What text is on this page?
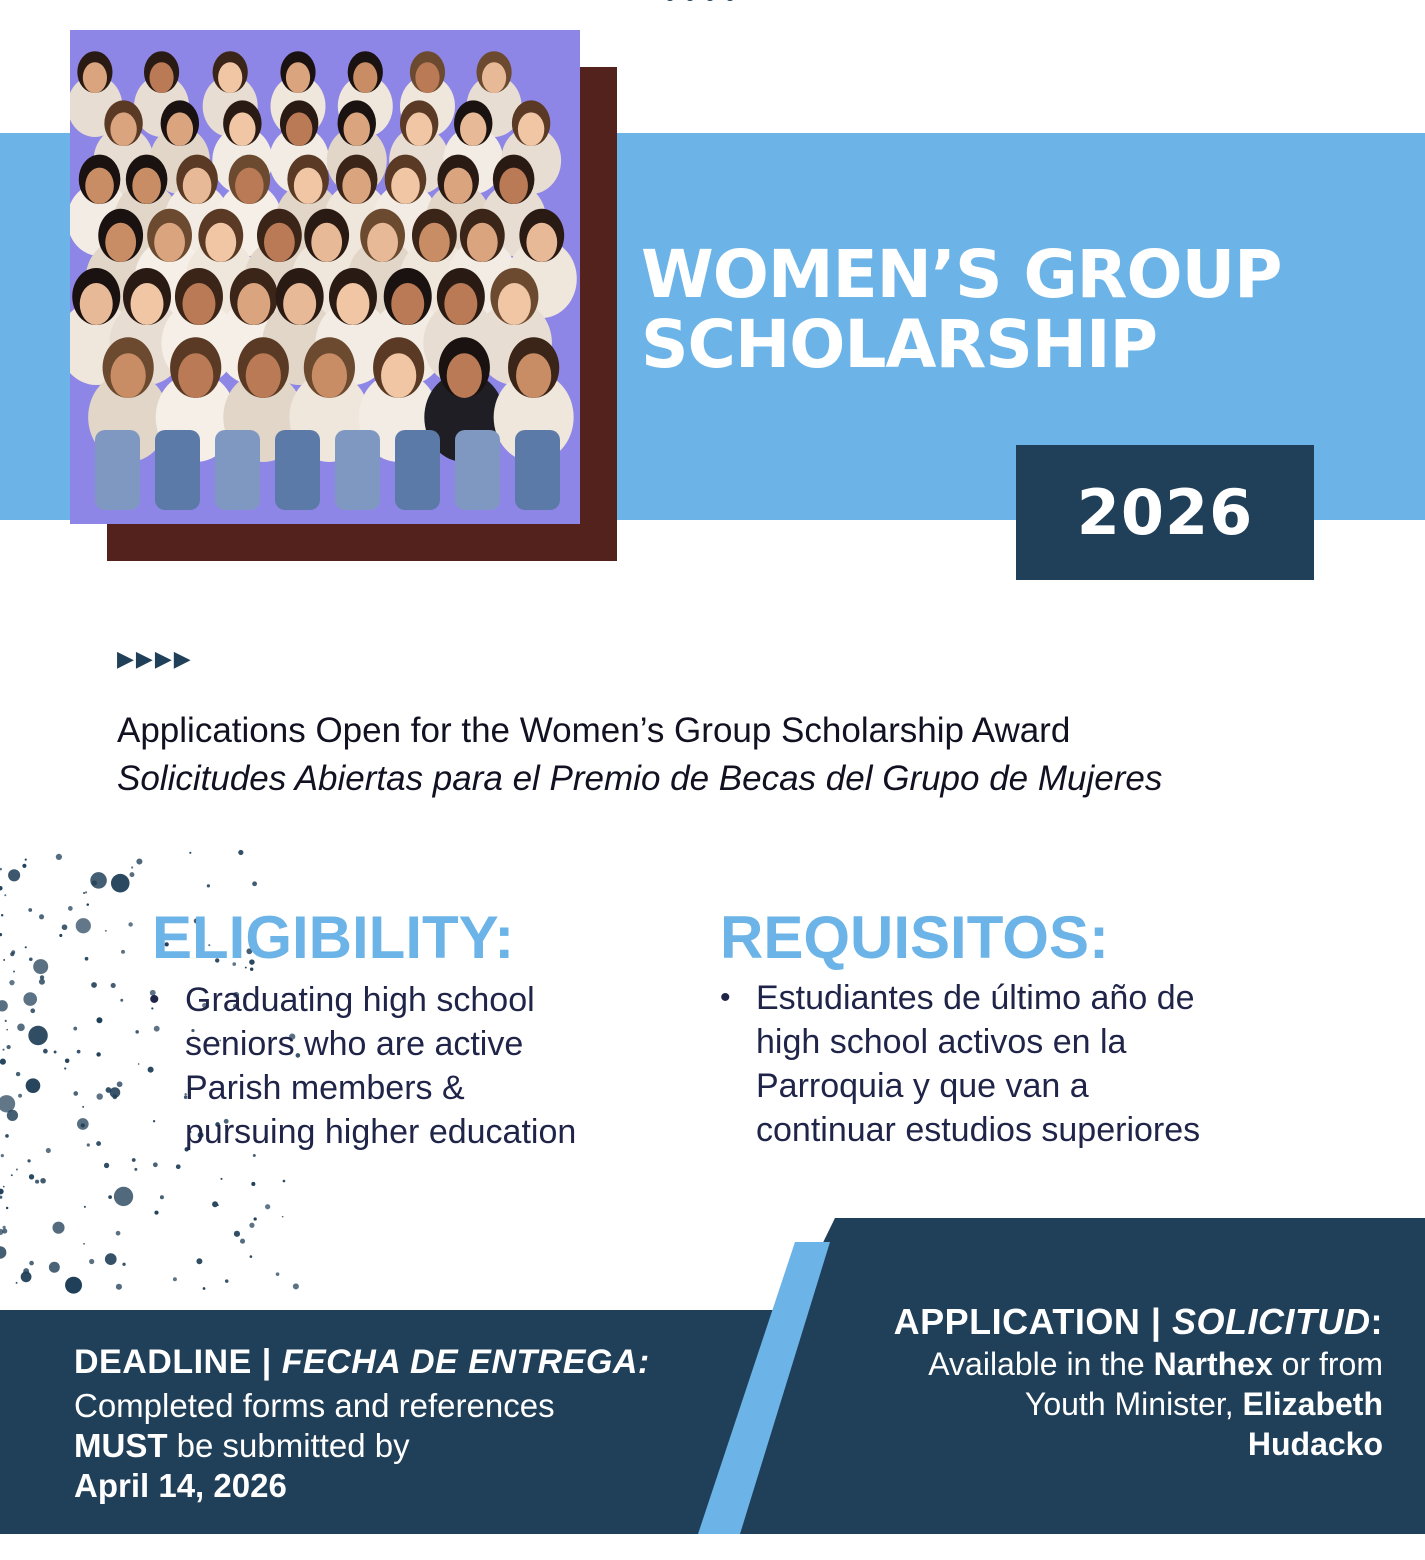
WOMEN’S GROUP
SCHOLARSHIP
2026
▶▶▶▶
Applications Open for the Women’s Group Scholarship Award
Solicitudes Abiertas para el Premio de Becas del Grupo de Mujeres
ELIGIBILITY:
• Graduating high school
seniors who are active
Parish members &
pursuing higher education
REQUISITOS:
• Estudiantes de último año de
high school activos en la
Parroquia y que van a
continuar estudios superiores
DEADLINE | FECHA DE ENTREGA:
Completed forms and references
MUST be submitted by
April 14, 2026
APPLICATION | SOLICITUD:
Available in the Narthex or from
Youth Minister, Elizabeth
Hudacko
